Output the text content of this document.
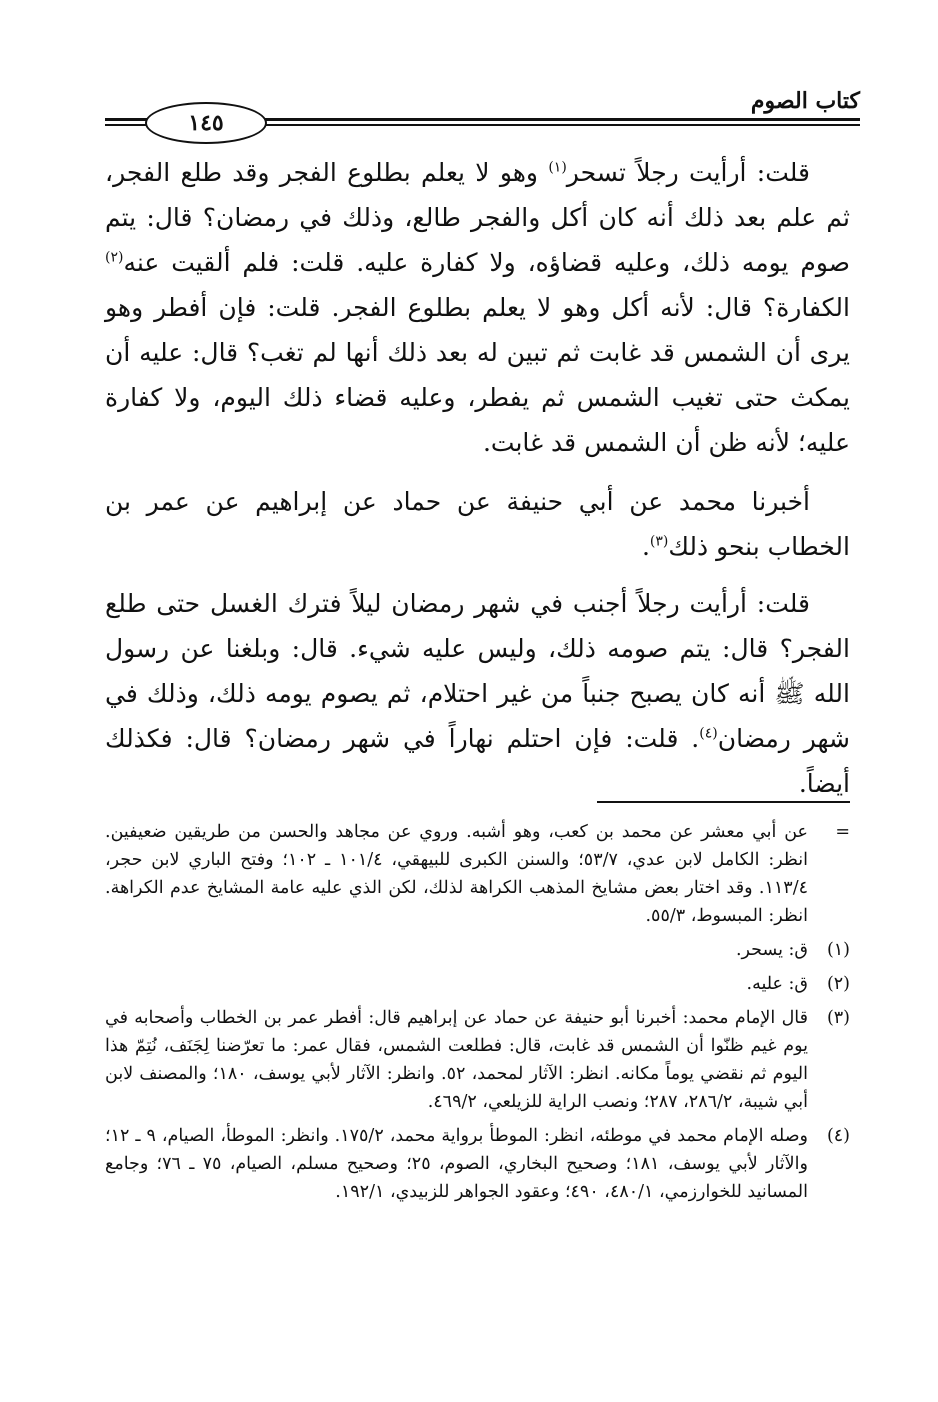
كتاب الصوم
١٤٥

قلت: أرأيت رجلاً تسحر$^{(١)}$ وهو لا يعلم بطلوع الفجر وقد طلع الفجر، ثم علم بعد ذلك أنه كان أكل والفجر طالع، وذلك في رمضان؟ قال: يتم صوم يومه ذلك، وعليه قضاؤه، ولا كفارة عليه. قلت: فلم ألقيت عنه$^{(٢)}$ الكفارة؟ قال: لأنه أكل وهو لا يعلم بطلوع الفجر. قلت: فإن أفطر وهو يرى أن الشمس قد غابت ثم تبين له بعد ذلك أنها لم تغب؟ قال: عليه أن يمكث حتى تغيب الشمس ثم يفطر، وعليه قضاء ذلك اليوم، ولا كفارة عليه؛ لأنه ظن أن الشمس قد غابت.

أخبرنا محمد عن أبي حنيفة عن حماد عن إبراهيم عن عمر بن الخطاب بنحو ذلك$^{(٣)}$.

قلت: أرأيت رجلاً أجنب في شهر رمضان ليلاً فترك الغسل حتى طلع الفجر؟ قال: يتم صومه ذلك، وليس عليه شيء. قال: وبلغنا عن رسول الله ﷺ أنه كان يصبح جنباً من غير احتلام، ثم يصوم يومه ذلك، وذلك في شهر رمضان$^{(٤)}$. قلت: فإن احتلم نهاراً في شهر رمضان؟ قال: فكذلك أيضاً.

=
عن أبي معشر عن محمد بن كعب، وهو أشبه. وروي عن مجاهد والحسن من طريقين ضعيفين. انظر: الكامل لابن عدي، ٥٣/٧؛ والسنن الكبرى للبيهقي، ١٠١/٤ ـ ١٠٢؛ وفتح الباري لابن حجر، ١١٣/٤. وقد اختار بعض مشايخ المذهب الكراهة لذلك، لكن الذي عليه عامة المشايخ عدم الكراهة. انظر: المبسوط، ٥٥/٣.
(١)
ق: يسحر.
(٢)
ق: عليه.
(٣)
قال الإمام محمد: أخبرنا أبو حنيفة عن حماد عن إبراهيم قال: أفطر عمر بن الخطاب وأصحابه في يوم غيم ظنّوا أن الشمس قد غابت، قال: فطلعت الشمس، فقال عمر: ما تعرّضنا لِجَنَف، نُتِمّ هذا اليوم ثم نقضي يوماً مكانه. انظر: الآثار لمحمد، ٥٢. وانظر: الآثار لأبي يوسف، ١٨٠؛ والمصنف لابن أبي شيبة، ٢٨٦/٢، ٢٨٧؛ ونصب الراية للزيلعي، ٤٦٩/٢.
(٤)
وصله الإمام محمد في موطئه، انظر: الموطأ برواية محمد، ١٧٥/٢. وانظر: الموطأ، الصيام، ٩ ـ ١٢؛ والآثار لأبي يوسف، ١٨١؛ وصحيح البخاري، الصوم، ٢٥؛ وصحيح مسلم، الصيام، ٧٥ ـ ٧٦؛ وجامع المسانيد للخوارزمي، ٤٨٠/١، ٤٩٠؛ وعقود الجواهر للزبيدي، ١٩٢/١.
